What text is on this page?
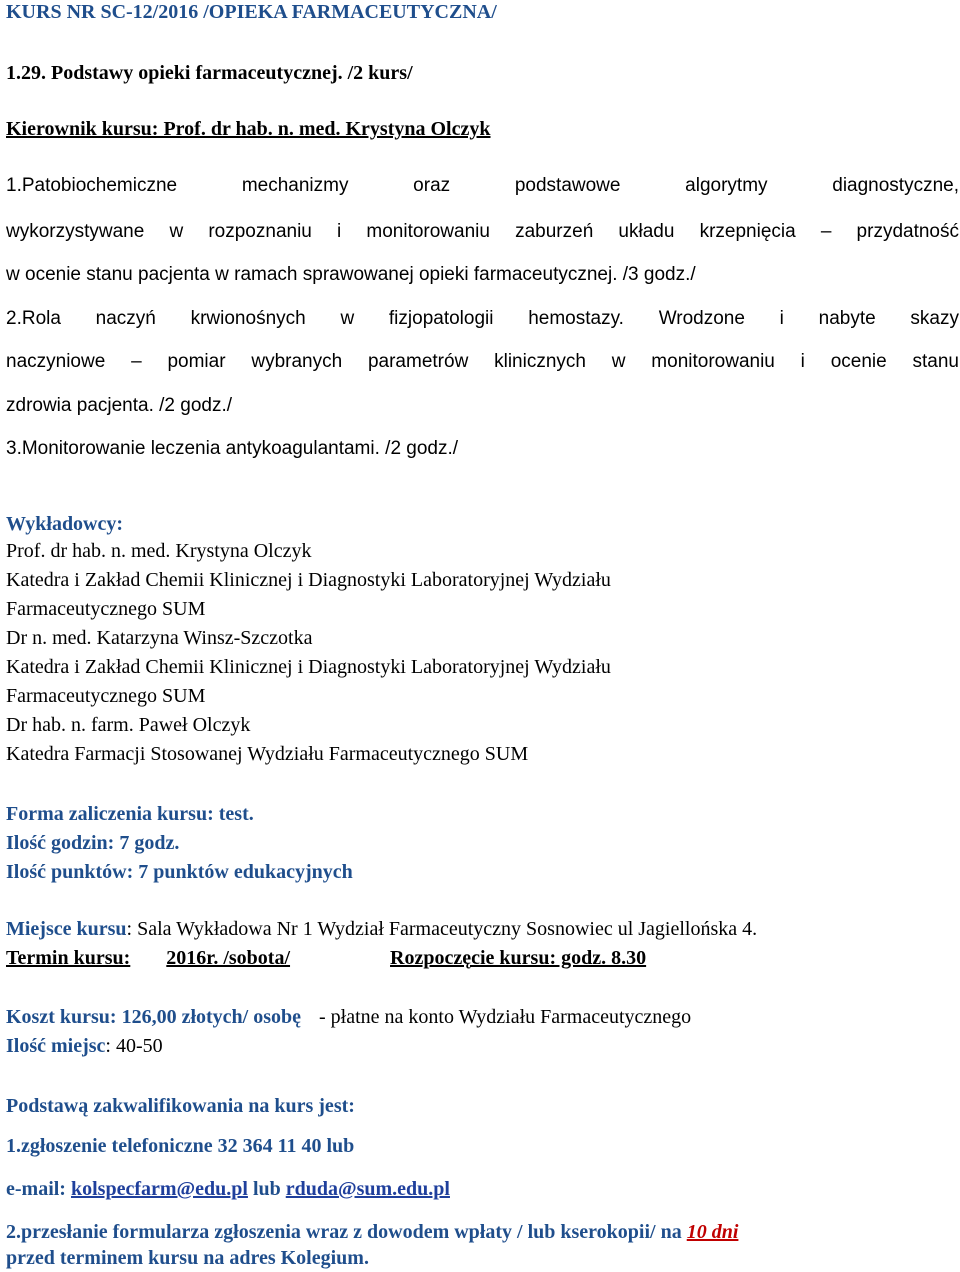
KURS NR SC-12/2016 /OPIEKA FARMACEUTYCZNA/
1.29. Podstawy opieki farmaceutycznej. /2 kurs/
Kierownik kursu: Prof. dr hab. n. med. Krystyna Olczyk
1.Patobiochemiczne mechanizmy oraz podstawowe algorytmy diagnostyczne,
wykorzystywane w rozpoznaniu i monitorowaniu zaburzeń układu krzepnięcia – przydatność
w ocenie stanu pacjenta w ramach sprawowanej opieki farmaceutycznej. /3 godz./
2.Rola naczyń krwionośnych w fizjopatologii hemostazy. Wrodzone i nabyte skazy
naczyniowe – pomiar wybranych parametrów klinicznych w monitorowaniu i ocenie stanu
zdrowia pacjenta. /2 godz./
3.Monitorowanie leczenia antykoagulantami. /2 godz./
Wykładowcy:
Prof. dr hab. n. med. Krystyna Olczyk
Katedra i Zakład Chemii Klinicznej i Diagnostyki Laboratoryjnej Wydziału
Farmaceutycznego SUM
Dr n. med. Katarzyna Winsz-Szczotka
Katedra i Zakład Chemii Klinicznej i Diagnostyki Laboratoryjnej Wydziału
Farmaceutycznego SUM
Dr hab. n. farm. Paweł Olczyk
Katedra Farmacji Stosowanej Wydziału Farmaceutycznego SUM
Forma zaliczenia kursu: test.
Ilość godzin: 7 godz.
Ilość punktów: 7 punktów edukacyjnych
Miejsce kursu: Sala Wykładowa Nr 1 Wydział Farmaceutyczny Sosnowiec ul Jagiellońska 4.
Termin kursu: 2016r. /sobota/	Rozpoczęcie kursu: godz. 8.30
Koszt kursu: 126,00 złotych/ osobę - płatne na konto Wydziału Farmaceutycznego
Ilość miejsc: 40-50
Podstawą zakwalifikowania na kurs jest:
1.zgłoszenie telefoniczne 32 364 11 40 lub
e-mail: kolspecfarm@edu.pl lub rduda@sum.edu.pl
2.przesłanie formularza zgłoszenia wraz z dowodem wpłaty / lub kserokopii/ na 10 dni
przed terminem kursu na adres Kolegium.
